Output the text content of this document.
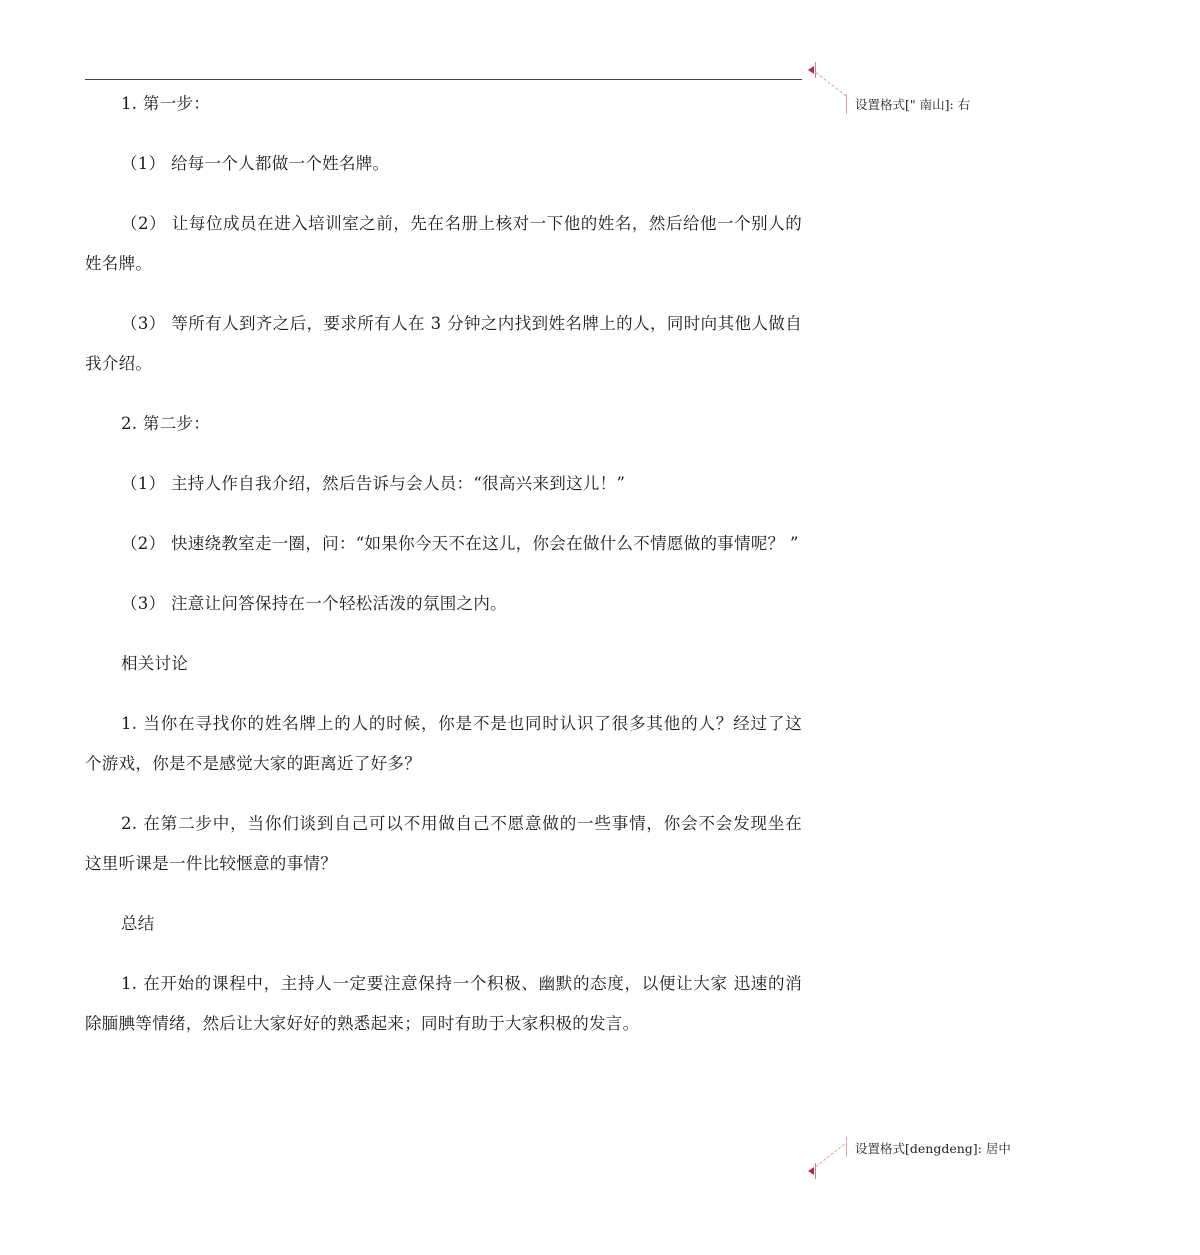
1. 第一步：

（1） 给每一个人都做一个姓名牌。

（2） 让每位成员在进入培训室之前，先在名册上核对一下他的姓名，然后给他一个别人的姓名牌。

（3） 等所有人到齐之后，要求所有人在 3 分钟之内找到姓名牌上的人，同时向其他人做自我介绍。

2. 第二步：

（1） 主持人作自我介绍，然后告诉与会人员：“很高兴来到这儿！”

（2） 快速绕教室走一圈，问：“如果你今天不在这儿，你会在做什么不情愿做的事情呢？ ”

（3） 注意让问答保持在一个轻松活泼的氛围之内。

相关讨论

1. 当你在寻找你的姓名牌上的人的时候，你是不是也同时认识了很多其他的人？经过了这 个游戏，你是不是感觉大家的距离近了好多？

2. 在第二步中，当你们谈到自己可以不用做自己不愿意做的一些事情，你会不会发现坐在 这里听课是一件比较惬意的事情？

总结

1. 在开始的课程中，主持人一定要注意保持一个积极、幽默的态度，以便让大家 迅速的消除腼腆等情绪，然后让大家好好的熟悉起来；同时有助于大家积极的发言。

设置格式[" 南山]: 右
设置格式[dengdeng]: 居中
